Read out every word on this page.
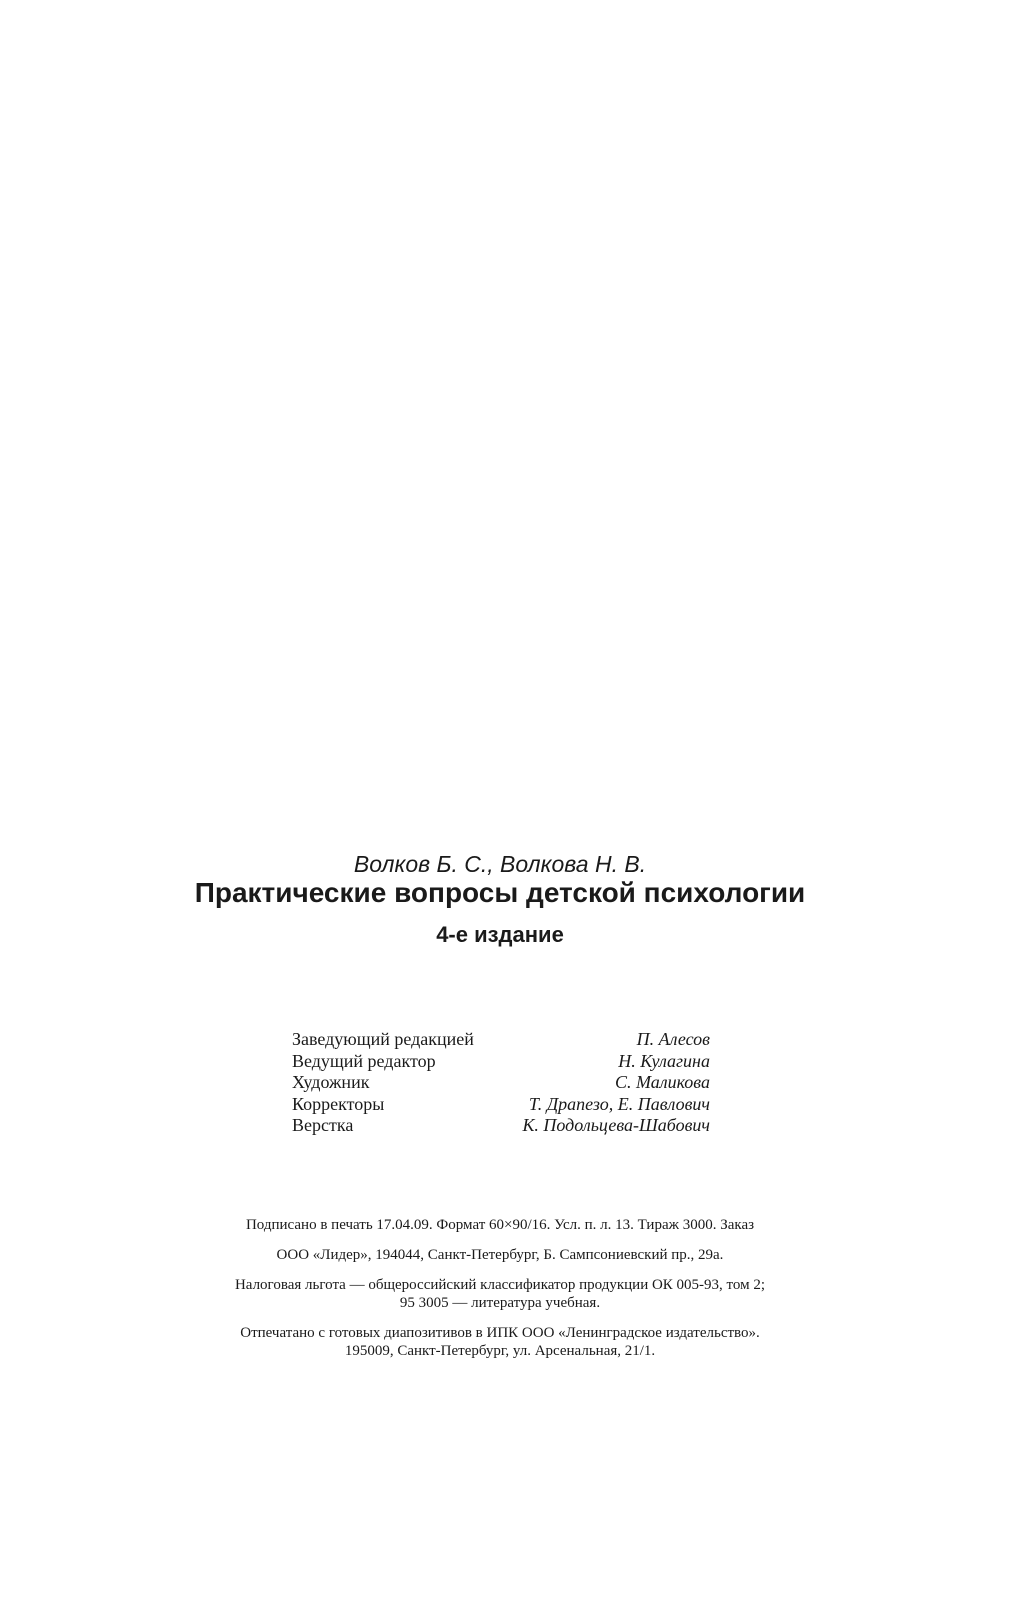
Волков Б. С., Волкова Н. В.
Практические вопросы детской психологии
4-е издание
Заведующий редакцией	П. Алесов
Ведущий редактор	Н. Кулагина
Художник	С. Маликова
Корректоры	Т. Драпезо, Е. Павлович
Верстка	К. Подольцева-Шабович

Подписано в печать 17.04.09. Формат 60×90/16. Усл. п. л. 13. Тираж 3000. Заказ

ООО «Лидер», 194044, Санкт-Петербург, Б. Сампсониевский пр., 29а.

Налоговая льгота — общероссийский классификатор продукции ОК 005-93, том 2;
95 3005 — литература учебная.

Отпечатано с готовых диапозитивов в ИПК ООО «Ленинградское издательство».
195009, Санкт-Петербург, ул. Арсенальная, 21/1.
